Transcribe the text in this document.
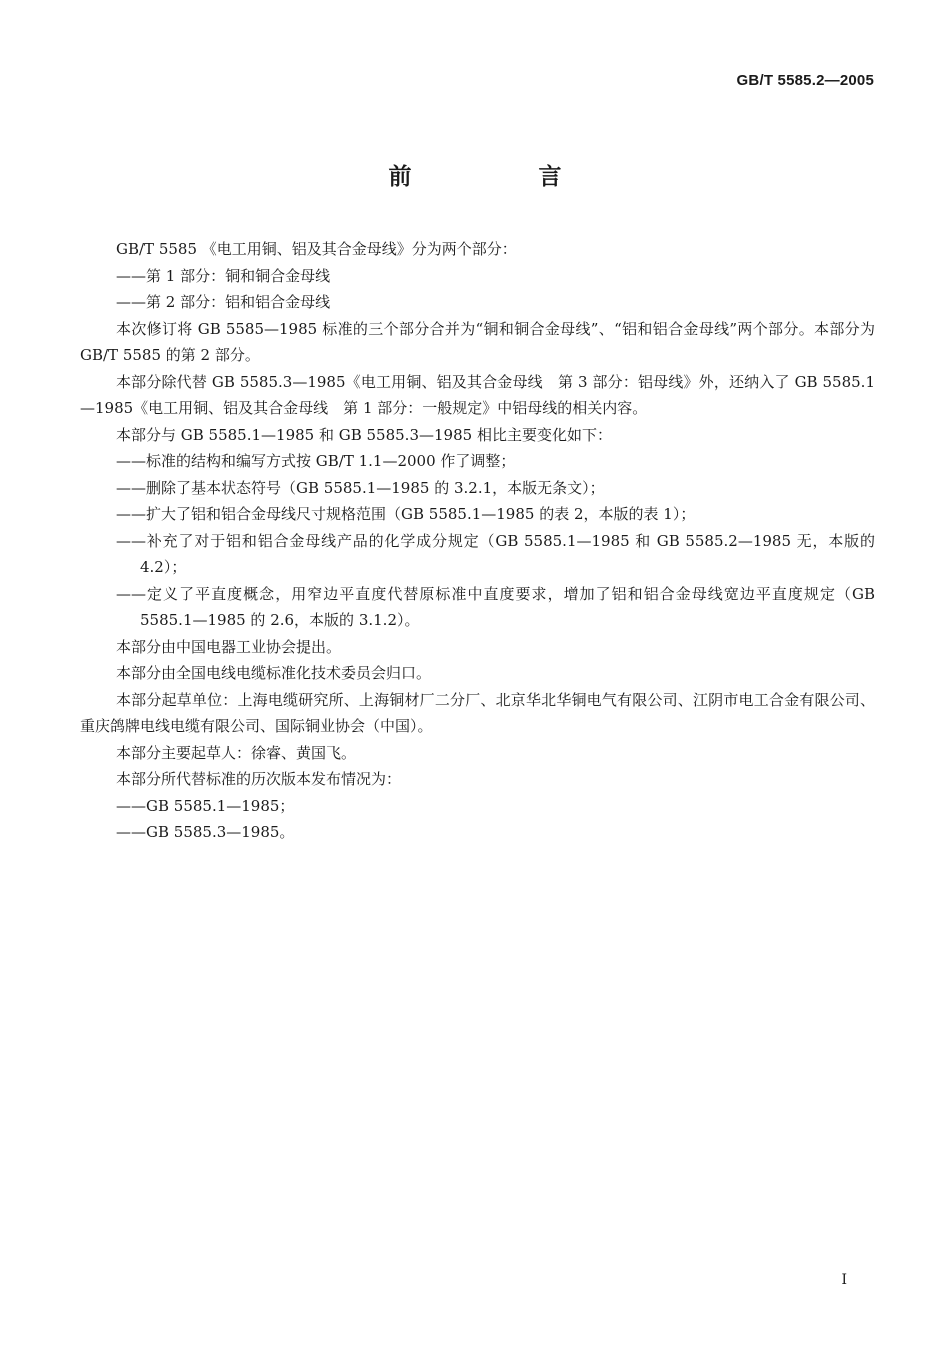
GB/T 5585.2—2005
前　言

GB/T 5585 《电工用铜、铝及其合金母线》分为两个部分：

——第 1 部分：铜和铜合金母线

——第 2 部分：铝和铝合金母线

本次修订将 GB 5585—1985 标准的三个部分合并为“铜和铜合金母线”、“铝和铝合金母线”两个部分。本部分为 GB/T 5585 的第 2 部分。

本部分除代替 GB 5585.3—1985《电工用铜、铝及其合金母线　第 3 部分：铝母线》外，还纳入了 GB 5585.1—1985《电工用铜、铝及其合金母线　第 1 部分：一般规定》中铝母线的相关内容。

本部分与 GB 5585.1—1985 和 GB 5585.3—1985 相比主要变化如下：

——标准的结构和编写方式按 GB/T 1.1—2000 作了调整；

——删除了基本状态符号（GB 5585.1—1985 的 3.2.1，本版无条文）；

——扩大了铝和铝合金母线尺寸规格范围（GB 5585.1—1985 的表 2，本版的表 1）；

——补充了对于铝和铝合金母线产品的化学成分规定（GB 5585.1—1985 和 GB 5585.2—1985 无，本版的 4.2）；

——定义了平直度概念，用窄边平直度代替原标准中直度要求，增加了铝和铝合金母线宽边平直度规定（GB 5585.1—1985 的 2.6，本版的 3.1.2）。

本部分由中国电器工业协会提出。

本部分由全国电线电缆标准化技术委员会归口。

本部分起草单位：上海电缆研究所、上海铜材厂二分厂、北京华北华铜电气有限公司、江阴市电工合金有限公司、重庆鸽牌电线电缆有限公司、国际铜业协会（中国）。

本部分主要起草人：徐睿、黄国飞。

本部分所代替标准的历次版本发布情况为：

——GB 5585.1—1985；

——GB 5585.3—1985。

I
